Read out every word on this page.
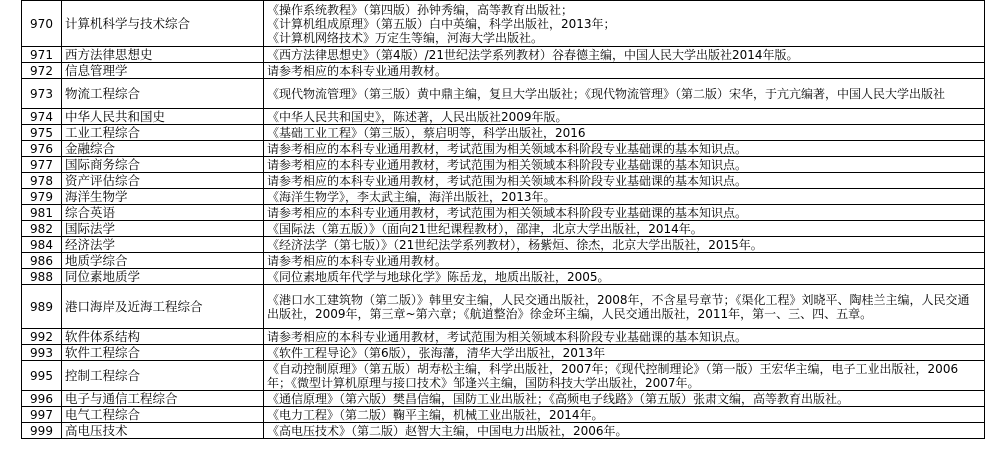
970	计算机科学与技术综合	《操作系统教程》（第四版）孙钟秀编，高等教育出版社；
《计算机组成原理》（第五版）白中英编，科学出版社，2013年；
《计算机网络技术》万定生等编，河海大学出版社。
971	西方法律思想史	《西方法律思想史》（第4版）/21世纪法学系列教材）谷春德主编，中国人民大学出版社2014年版。
972	信息管理学	请参考相应的本科专业通用教材。
973	物流工程综合	《现代物流管理》（第三版）黄中鼎主编，复旦大学出版社；《现代物流管理》（第二版）宋华，于亢亢编著，中国人民大学出版社
974	中华人民共和国史	《中华人民共和国史》，陈述著，人民出版社2009年版。
975	工业工程综合	《基础工业工程》（第三版），蔡启明等，科学出版社，2016
976	金融综合	请参考相应的本科专业通用教材，考试范围为相关领域本科阶段专业基础课的基本知识点。
977	国际商务综合	请参考相应的本科专业通用教材，考试范围为相关领域本科阶段专业基础课的基本知识点。
978	资产评估综合	请参考相应的本科专业通用教材，考试范围为相关领域本科阶段专业基础课的基本知识点。
979	海洋生物学	《海洋生物学》，李太武主编，海洋出版社，2013年。
981	综合英语	请参考相应的本科专业通用教材，考试范围为相关领域本科阶段专业基础课的基本知识点。
982	国际法学	《国际法（第五版）》（面向21世纪课程教材），邵津，北京大学出版社，2014年。
984	经济法学	《经济法学（第七版）》（21世纪法学系列教材），杨紫烜、徐杰，北京大学出版社，2015年。
986	地质学综合	请参考相应的本科专业通用教材。
988	同位素地质学	《同位素地质年代学与地球化学》陈岳龙，地质出版社，2005。
989	港口海岸及近海工程综合	《港口水工建筑物（第二版）》韩里安主编，人民交通出版社，2008年，不含星号章节；《渠化工程》刘晓平、陶桂兰主编，人民交通出版社，2009年，第三章~第六章；《航道整治》徐金环主编，人民交通出版社，2011年，第一、三、四、五章。
992	软件体系结构	请参考相应的本科专业通用教材，考试范围为相关领域本科阶段专业基础课的基本知识点。
993	软件工程综合	《软件工程导论》（第6版），张海藩，清华大学出版社，2013年
995	控制工程综合	《自动控制原理》（第五版）胡寿松主编，科学出版社，2007年；《现代控制理论》（第一版）王宏华主编，电子工业出版社，2006年；《微型计算机原理与接口技术》邹逢兴主编，国防科技大学出版社，2007年。
996	电子与通信工程综合	《通信原理》（第六版）樊昌信编，国防工业出版社；《高频电子线路》（第五版）张肃文编，高等教育出版社。
997	电气工程综合	《电力工程》（第二版）鞠平主编，机械工业出版社，2014年。
999	高电压技术	《高电压技术》（第二版）赵智大主编，中国电力出版社，2006年。
